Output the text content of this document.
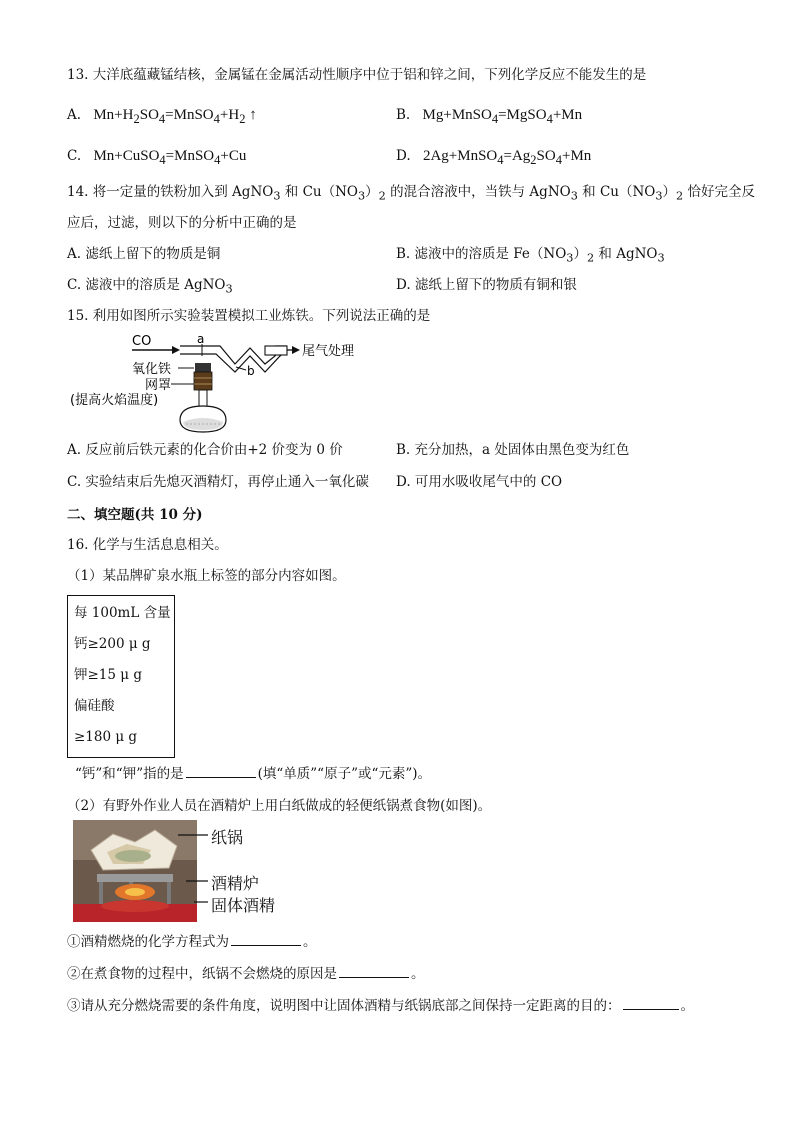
13. 大洋底蕴藏锰结核，金属锰在金属活动性顺序中位于铝和锌之间，下列化学反应不能发生的是
A. $Mn+H_2SO_4=MnSO_4+H_2$ ↑	B. Mg+MnSO$_4$=MgSO$_4$+Mn
C. Mn+CuSO$_4$=MnSO$_4$+Cu	D. $2Ag+MnSO_4=Ag_2SO_4+Mn$
14. 将一定量的铁粉加入到 AgNO$_3$ 和 $Cu(NO_3)_2$ 的混合溶液中，当铁与 AgNO$_3$ 和 $Cu(NO_3)_2$ 恰好完全反
应后，过滤，则以下的分析中正确的是
A. 滤纸上留下的物质是铜	B. 滤液中的溶质是 $Fe(NO_3)_2$ 和 AgNO$_3$
C. 滤液中的溶质是 AgNO$_3$	D. 滤纸上留下的物质有铜和银
15. 利用如图所示实验装置模拟工业炼铁。下列说法正确的是
CO
尾气处理
a
b
氧化铁
网罩
(提高火焰温度)
A. 反应前后铁元素的化合价由+2 价变为 0 价	B. 充分加热，a 处固体由黑色变为红色
C. 实验结束后先熄灭酒精灯，再停止通入一氧化碳 D. 可用水吸收尾气中的 CO
二、填空题(共 10 分)
16. 化学与生活息息相关。
（1）某品牌矿泉水瓶上标签的部分内容如图。
每 100mL 含量
钙≥200 μ g
钾≥15 μ g
偏硅酸
≥180 μ g
“钙”和“钾”指的是	(填“单质”“原子”或“元素”)。
（2）有野外作业人员在酒精炉上用白纸做成的轻便纸锅煮食物(如图)。
纸锅
酒精炉
固体酒精
①酒精燃烧的化学方程式为	。
②在煮食物的过程中，纸锅不会燃烧的原因是	。
③请从充分燃烧需要的条件角度，说明图中让固体酒精与纸锅底部之间保持一定距离的目的：	。
